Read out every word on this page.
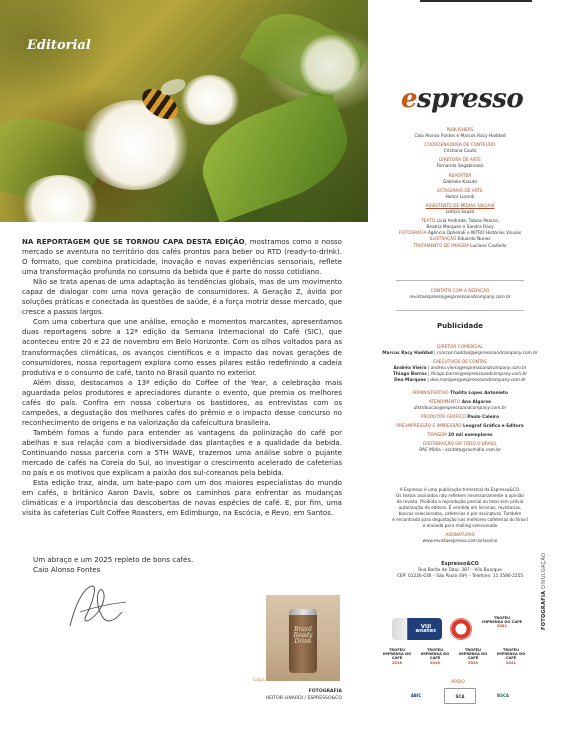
Editorial

NA REPORTAGEM QUE SE TORNOU CAPA DESTA EDIÇÃO, mostramos como o nosso mercado se aventura no território dos cafés prontos para beber ou RTD (ready-to-drink). O formato, que combina praticidade, inovação e novas experiências sensoriais, reflete uma transformação profunda no consumo da bebida que é parte do nosso cotidiano.

Não se trata apenas de uma adaptação às tendências globais, mas de um movimento capaz de dialogar com uma nova geração de consumidores. A Geração Z, ávida por soluções práticas e conectada às questões de saúde, é a força motriz desse mercado, que cresce a passos largos.

Com uma cobertura que une análise, emoção e momentos marcantes, apresentamos duas reportagens sobre a 12ª edição da Semana Internacional do Café (SIC), que aconteceu entre 20 e 22 de novembro em Belo Horizonte. Com os olhos voltados para as transformações climáticas, os avanços científicos e o impacto das novas gerações de consumidores, nossa reportagem explora como esses pilares estão redefinindo a cadeia produtiva e o consumo de café, tanto no Brasil quanto no exterior.

Além disso, destacamos a 13ª edição do Coffee of the Year, a celebração mais aguardada pelos produtores e apreciadores durante o evento, que premia os melhores cafés do país. Confira em nossa cobertura os bastidores, as entrevistas com os campeões, a degustação dos melhores cafés do prêmio e o impacto desse concurso no reconhecimento de origens e na valorização da cafeicultura brasileira.

Também fomos a fundo para entender as vantagens da polinização do café por abelhas e sua relação com a biodiversidade das plantações e a qualidade da bebida. Continuando nossa parceria com a 5TH WAVE, trazemos uma análise sobre o pujante mercado de cafés na Coreia do Sul, ao investigar o crescimento acelerado de cafeterias no país e os motivos que explicam a paixão dos sul-coreanos pela bebida.

Esta edição traz, ainda, um bate-papo com um dos maiores especialistas do mundo em cafés, o britânico Aaron Davis, sobre os caminhos para enfrentar as mudanças climáticas e a importância das descobertas de novas espécies de café. E, por fim, uma visita às cafeterias Cult Coffee Roasters, em Edimburgo, na Escócia, e Revo, em Santos.

Um abraço e um 2025 repleto de bons cafés.
Caio Alonso Fontes
Brazil Ready Drink
Capa
FOTOGRAFIA
HEITOR LINARDI / ESPRESSO&CO
espresso
PUBLISHERS
Caio Alonso Fontes e Marcos Racy Haddad
COORDENADORA DE CONTEÚDO
Cristiana Couto
DIRETORA DE ARTE
Fernanda Segabinazzi
REPÓRTER
Gabriela Kasuto
ESTAGIÁRIO DE ARTE
Heitor Linardi
ASSISTENTE DE MÍDIAS SOCIAIS
Letícia Souza
TEXTO Lívia Andrade, Tobias Pearce,
Beatriz Marques e Sandra Racy
FOTOGRAFIA Agência OpheliaE e NITRO Histórias Visuais
ILUSTRAÇÃO Eduardo Nunes
TRATAMENTO DE IMAGEM Luciano Castiello
CONTATO COM A REDAÇÃO
revistaespresso@espressoandcompany.com.br
Publicidade
DIRETOR COMERCIAL
Marcos Racy Haddad | marcos.haddad@espressoandcompany.com.br
EXECUTIVOS DE CONTAS
Andréa Vieira | andrea.vieira@espressoandcompany.com.br
Thiago Barros | thiago.barros@espressoandcompany.com.br
Dea Marques | dea.marques@espressoandcompany.com.br
ADMINISTRATIVO Thalita Lopes Antonieto
ATENDIMENTO Ana Algarve
distribuicao@espressoandcompany.com.br
PRODUTOR GRÁFICO Paulo Caleiro
PRÉ-IMPRESSÃO E IMPRESSÃO Leograf Gráfica e Editora
TIRAGEM 20 mil exemplares
DISTRIBUIÇÃO EM TODO O BRASIL
RAC Mídia - contato@racmidia.com.br
A Espresso é uma publicação trimestral da Espresso&CO.
Os textos assinados não refletem necessariamente a opinião
da revista. Proibida a reprodução parcial ou total sem prévia
autorização da editora. É vendida em livrarias, revistarias,
bancas selecionadas, cafeterias e por assinatura. Também
é encontrada para degustação nas melhores cafeterias do Brasil
e enviada para mailing selecionado
ASSINATURAS
www.revistaespresso.com.br/assine
Espresso&CO
Rua Barão de Tatuí, 387 – Vila Buarque
CEP: 01226-030 – São Paulo (SP) – Telefone: 11 3586-2255
VIII anatec
TROFÉU
IMPRENSA DO CAFÉ
2021
TROFÉU
IMPRENSA DO CAFÉ
2018
TROFÉU
IMPRENSA DO CAFÉ
2019
TROFÉU
IMPRENSA DO CAFÉ
2020
TROFÉU
IMPRENSA DO CAFÉ
2021
APOIO
ABIC	SCA	BSCA
FOTOGRAFIA DIVULGAÇÃO
